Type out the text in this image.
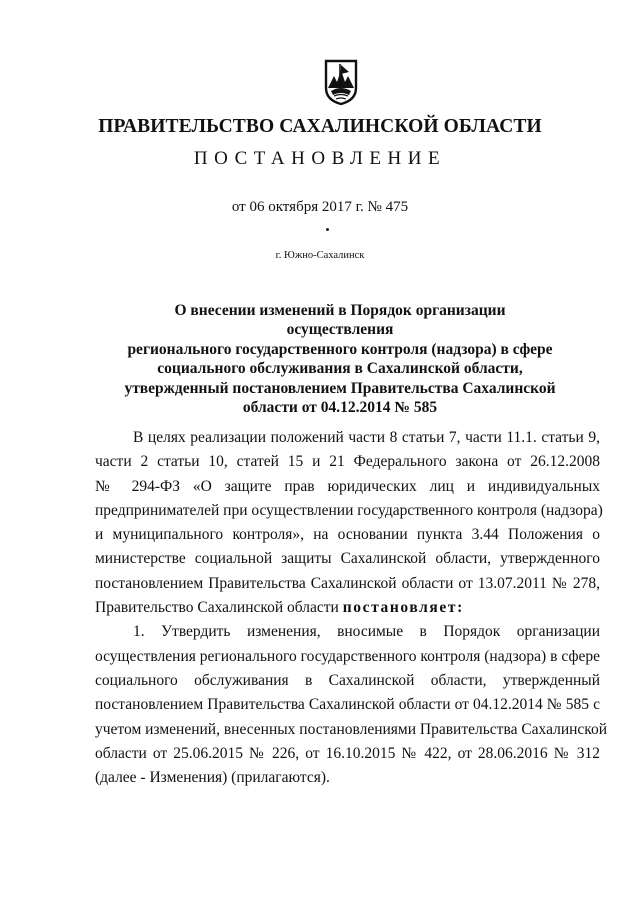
ПРАВИТЕЛЬСТВО САХАЛИНСКОЙ ОБЛАСТИ
ПОСТАНОВЛЕНИЕ
от 06 октября 2017 г. № 475
г. Южно-Сахалинск
О внесении изменений в Порядок организации осуществления
регионального государственного контроля (надзора) в сфере
социального обслуживания в Сахалинской области,
утвержденный постановлением Правительства Сахалинской
области от 04.12.2014 № 585
В целях реализации положений части 8 статьи 7, части 11.1. статьи 9,
части 2 статьи 10, статей 15 и 21 Федерального закона от 26.12.2008
№ 294-ФЗ «О защите прав юридических лиц и индивидуальных
предпринимателей при осуществлении государственного контроля (надзора)
и муниципального контроля», на основании пункта 3.44 Положения о
министерстве социальной защиты Сахалинской области, утвержденного
постановлением Правительства Сахалинской области от 13.07.2011 № 278,
Правительство Сахалинской области постановляет:
1. Утвердить изменения, вносимые в Порядок организации
осуществления регионального государственного контроля (надзора) в сфере
социального обслуживания в Сахалинской области, утвержденный
постановлением Правительства Сахалинской области от 04.12.2014 № 585 с
учетом изменений, внесенных постановлениями Правительства Сахалинской
области от 25.06.2015 № 226, от 16.10.2015 № 422, от 28.06.2016 № 312
(далее - Изменения) (прилагаются).
